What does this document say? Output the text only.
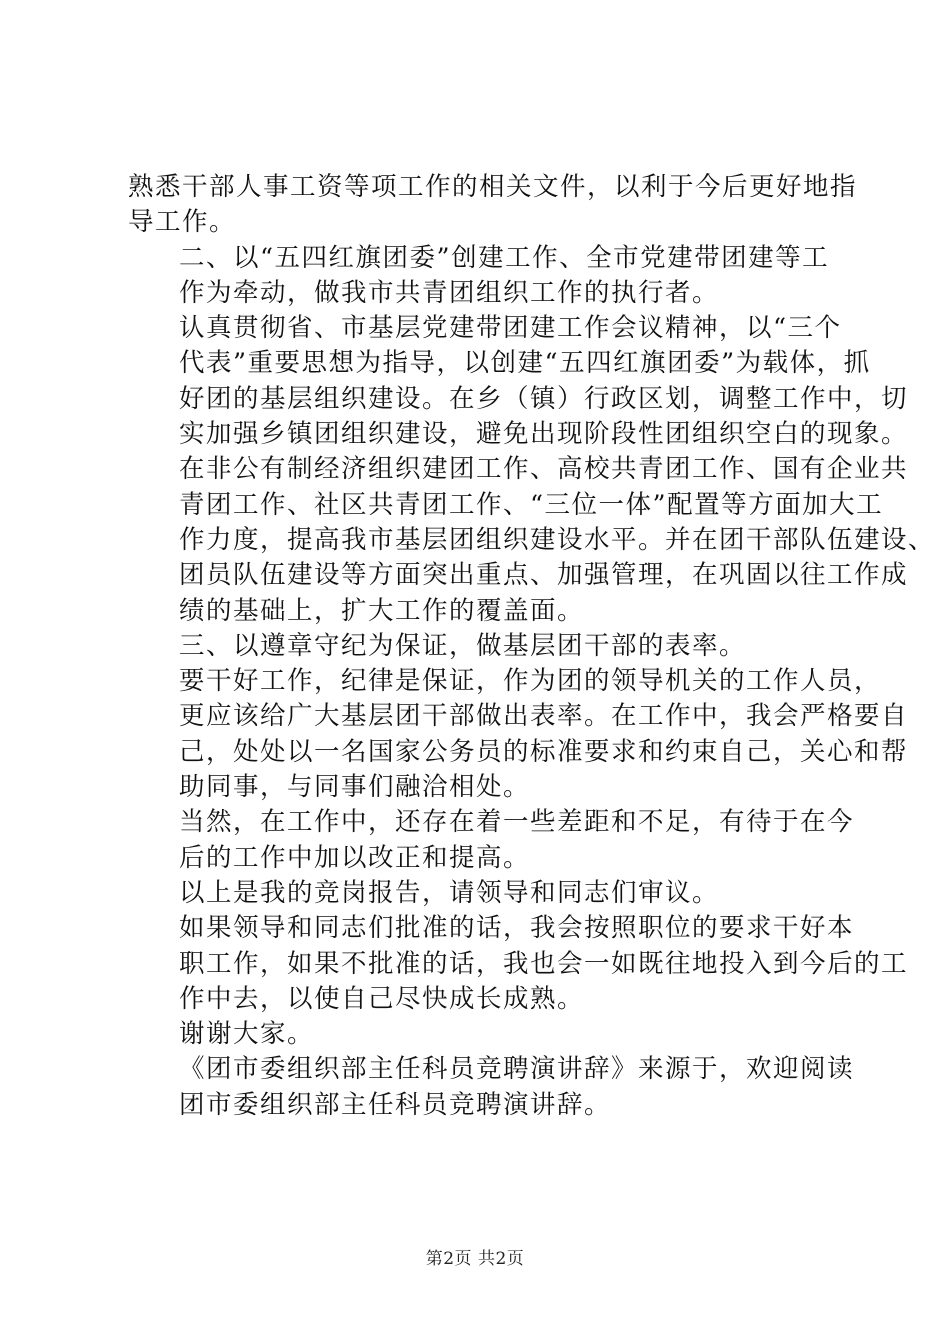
熟悉干部人事工资等项工作的相关文件，以利于今后更好地指
导工作。

二、以“五四红旗团委”创建工作、全市党建带团建等工
作为牵动，做我市共青团组织工作的执行者。

认真贯彻省、市基层党建带团建工作会议精神，以“三个
代表”重要思想为指导，以创建“五四红旗团委”为载体，抓
好团的基层组织建设。在乡（镇）行政区划，调整工作中，切
实加强乡镇团组织建设，避免出现阶段性团组织空白的现象。
在非公有制经济组织建团工作、高校共青团工作、国有企业共
青团工作、社区共青团工作、“三位一体”配置等方面加大工
作力度，提高我市基层团组织建设水平。并在团干部队伍建设、
团员队伍建设等方面突出重点、加强管理，在巩固以往工作成
绩的基础上，扩大工作的覆盖面。

三、以遵章守纪为保证，做基层团干部的表率。

要干好工作，纪律是保证，作为团的领导机关的工作人员，
更应该给广大基层团干部做出表率。在工作中，我会严格要自
己，处处以一名国家公务员的标准要求和约束自己，关心和帮
助同事，与同事们融洽相处。

当然，在工作中，还存在着一些差距和不足，有待于在今
后的工作中加以改正和提高。

以上是我的竞岗报告，请领导和同志们审议。

如果领导和同志们批准的话，我会按照职位的要求干好本
职工作，如果不批准的话，我也会一如既往地投入到今后的工
作中去，以使自己尽快成长成熟。

谢谢大家。

《团市委组织部主任科员竞聘演讲辞》来源于，欢迎阅读
团市委组织部主任科员竞聘演讲辞。

第2页 共2页
